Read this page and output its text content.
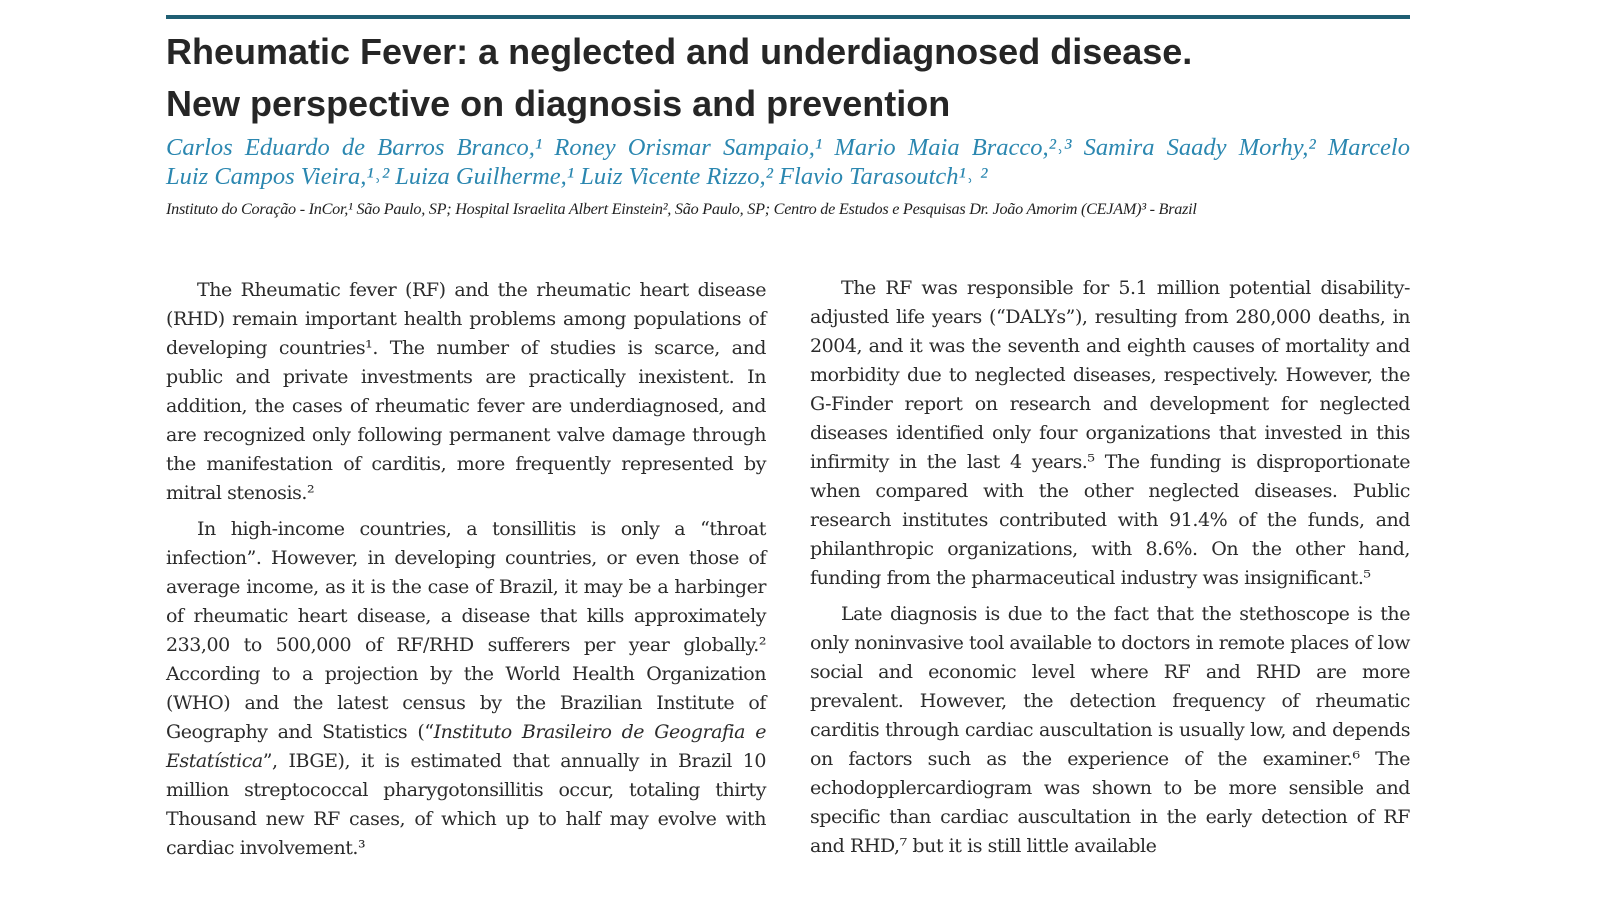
Rheumatic Fever: a neglected and underdiagnosed disease.
New perspective on diagnosis and prevention
Carlos Eduardo de Barros Branco,¹ Roney Orismar Sampaio,¹ Mario Maia Bracco,²˒³ Samira Saady Morhy,² Marcelo
Luiz Campos Vieira,¹˒² Luiza Guilherme,¹ Luiz Vicente Rizzo,² Flavio Tarasoutch¹˒ ²
Instituto do Coração - InCor,¹ São Paulo, SP; Hospital Israelita Albert Einstein², São Paulo, SP; Centro de Estudos e Pesquisas Dr. João Amorim (CEJAM)³ - Brazil

The Rheumatic fever (RF) and the rheumatic heart disease (RHD) remain important health problems among populations of developing countries¹. The number of studies is scarce, and public and private investments are practically inexistent. In addition, the cases of rheumatic fever are underdiagnosed, and are recognized only following permanent valve damage through the manifestation of carditis, more frequently represented by mitral stenosis.²

In high-income countries, a tonsillitis is only a “throat infection”. However, in developing countries, or even those of average income, as it is the case of Brazil, it may be a harbinger of rheumatic heart disease, a disease that kills approximately 233,00 to 500,000 of RF/RHD sufferers per year globally.² According to a projection by the World Health Organization (WHO) and the latest census by the Brazilian Institute of Geography and Statistics (“Instituto Brasileiro de Geografia e Estatística”, IBGE), it is estimated that annually in Brazil 10 million streptococcal pharygotonsillitis occur, totaling thirty Thousand new RF cases, of which up to half may evolve with cardiac involvement.³

The RF was responsible for 5.1 million potential disability-adjusted life years (“DALYs”), resulting from 280,000 deaths, in 2004, and it was the seventh and eighth causes of mortality and morbidity due to neglected diseases, respectively. However, the G-Finder report on research and development for neglected diseases identified only four organizations that invested in this infirmity in the last 4 years.⁵ The funding is disproportionate when compared with the other neglected diseases. Public research institutes contributed with 91.4% of the funds, and philanthropic organizations, with 8.6%. On the other hand, funding from the pharmaceutical industry was insignificant.⁵

Late diagnosis is due to the fact that the stethoscope is the only noninvasive tool available to doctors in remote places of low social and economic level where RF and RHD are more prevalent. However, the detection frequency of rheumatic carditis through cardiac auscultation is usually low, and depends on factors such as the experience of the examiner.⁶ The echodopplercardiogram was shown to be more sensible and specific than cardiac auscultation in the early detection of RF and RHD,⁷ but it is still little available
